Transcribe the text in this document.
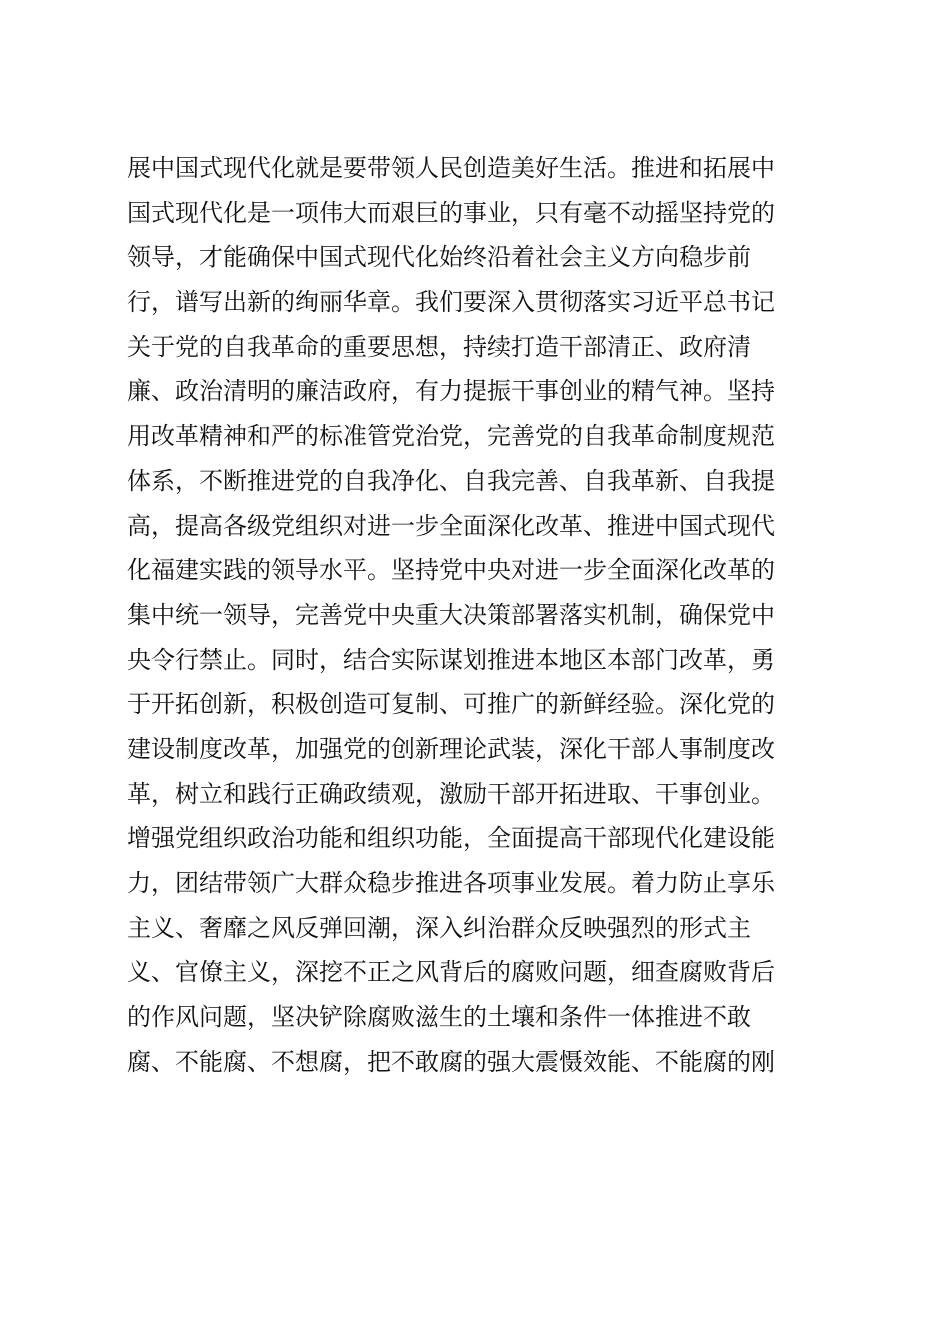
展中国式现代化就是要带领人民创造美好生活。推进和拓展中
国式现代化是一项伟大而艰巨的事业，只有毫不动摇坚持党的
领导，才能确保中国式现代化始终沿着社会主义方向稳步前
行，谱写出新的绚丽华章。我们要深入贯彻落实习近平总书记
关于党的自我革命的重要思想，持续打造干部清正、政府清
廉、政治清明的廉洁政府，有力提振干事创业的精气神。坚持
用改革精神和严的标准管党治党，完善党的自我革命制度规范
体系，不断推进党的自我净化、自我完善、自我革新、自我提
高，提高各级党组织对进一步全面深化改革、推进中国式现代
化福建实践的领导水平。坚持党中央对进一步全面深化改革的
集中统一领导，完善党中央重大决策部署落实机制，确保党中
央令行禁止。同时，结合实际谋划推进本地区本部门改革，勇
于开拓创新，积极创造可复制、可推广的新鲜经验。深化党的
建设制度改革，加强党的创新理论武装，深化干部人事制度改
革，树立和践行正确政绩观，激励干部开拓进取、干事创业。
增强党组织政治功能和组织功能，全面提高干部现代化建设能
力，团结带领广大群众稳步推进各项事业发展。着力防止享乐
主义、奢靡之风反弹回潮，深入纠治群众反映强烈的形式主
义、官僚主义，深挖不正之风背后的腐败问题，细查腐败背后
的作风问题，坚决铲除腐败滋生的土壤和条件一体推进不敢
腐、不能腐、不想腐，把不敢腐的强大震慑效能、不能腐的刚
